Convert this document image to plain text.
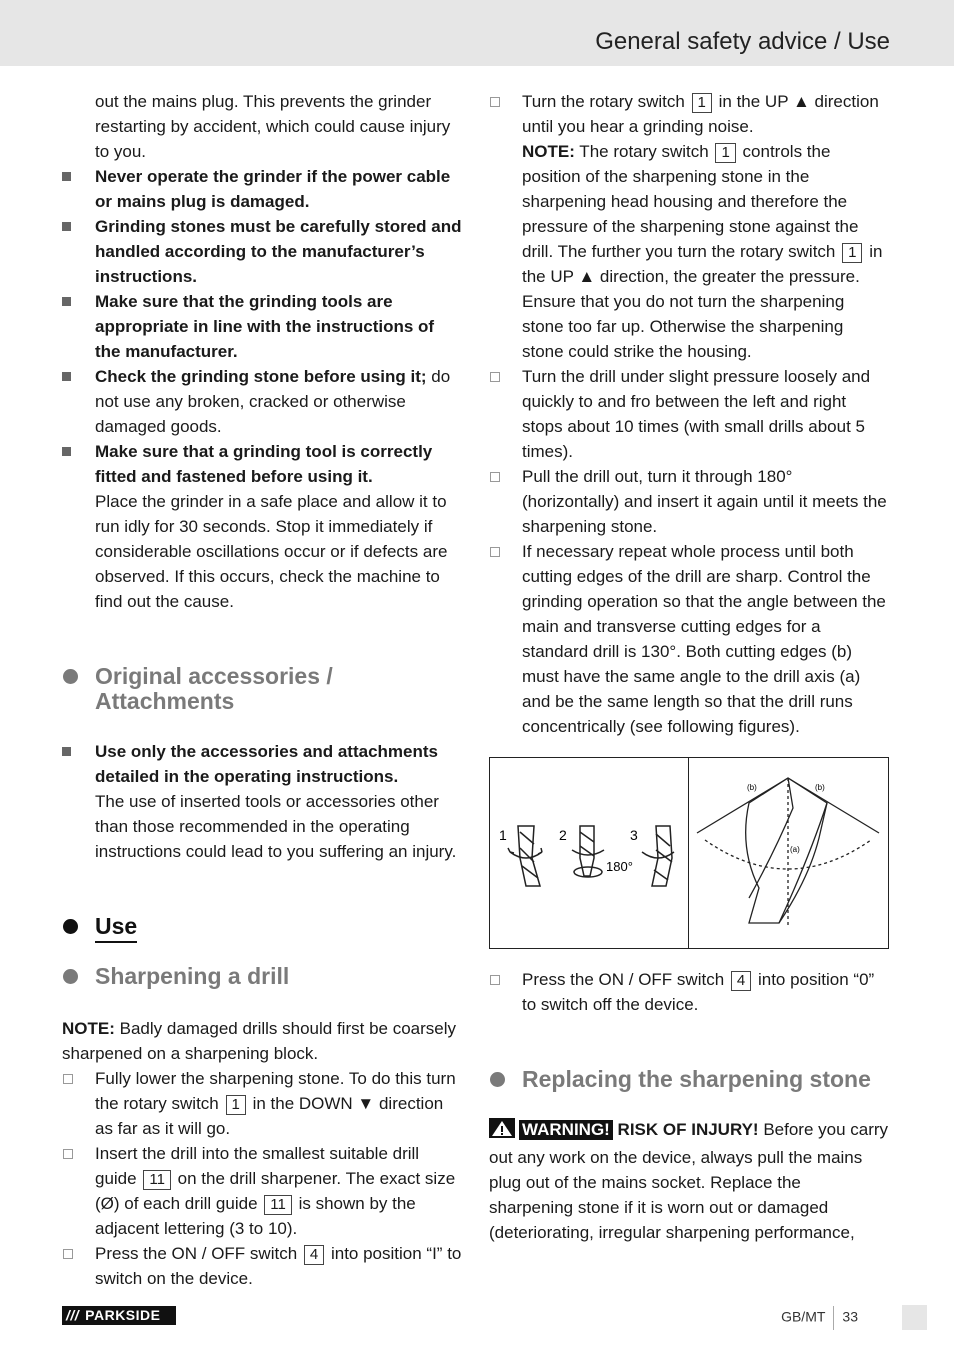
General safety advice / Use
out the mains plug. This prevents the grinder restarting by accident, which could cause injury to you.
Never operate the grinder if the power cable or mains plug is damaged.
Grinding stones must be carefully stored and handled according to the manufacturer’s instructions.
Make sure that the grinding tools are appropriate in line with the instructions of the manufacturer.
Check the grinding stone before using it; do not use any broken, cracked or otherwise damaged goods.
Make sure that a grinding tool is correctly fitted and fastened before using it.
Place the grinder in a safe place and allow it to run idly for 30 seconds. Stop it immediately if considerable oscillations occur or if defects are observed. If this occurs, check the machine to find out the cause.
Original accessories / Attachments
Use only the accessories and attachments detailed in the operating instructions.
The use of inserted tools or accessories other than those recommended in the operating instructions could lead to you suffering an injury.
Use
Sharpening a drill
NOTE: Badly damaged drills should first be coarsely sharpened on a sharpening block.
Fully lower the sharpening stone. To do this turn the rotary switch 1 in the DOWN ▼ direction as far as it will go.
Insert the drill into the smallest suitable drill guide 11 on the drill sharpener. The exact size (Ø) of each drill guide 11 is shown by the adjacent lettering (3 to 10).
Press the ON / OFF switch 4 into position “I” to switch on the device.
Turn the rotary switch 1 in the UP ▲ direction until you hear a grinding noise.
NOTE: The rotary switch 1 controls the position of the sharpening stone in the sharpening head housing and therefore the pressure of the sharpening stone against the drill. The further you turn the rotary switch 1 in the UP ▲ direction, the greater the pressure. Ensure that you do not turn the sharpening stone too far up. Otherwise the sharpening stone could strike the housing.
Turn the drill under slight pressure loosely and quickly to and fro between the left and right stops about 10 times (with small drills about 5 times).
Pull the drill out, turn it through 180° (horizontally) and insert it again until it meets the sharpening stone.
If necessary repeat whole process until both cutting edges of the drill are sharp. Control the grinding operation so that the angle between the main and transverse cutting edges for a standard drill is 130°. Both cutting edges (b) must have the same angle to the drill axis (a) and be the same length so that the drill runs concentrically (see following figures).
1	2
180°
3
(b)	(b)
(a)
Press the ON / OFF switch 4 into position “0” to switch off the device.
Replacing the sharpening stone
WARNING! RISK OF INJURY! Before you carry out any work on the device, always pull the mains plug out of the mains socket. Replace the sharpening stone if it is worn out or damaged (deteriorating, irregular sharpening performance,
/// PARKSIDE	GB/MT 33
